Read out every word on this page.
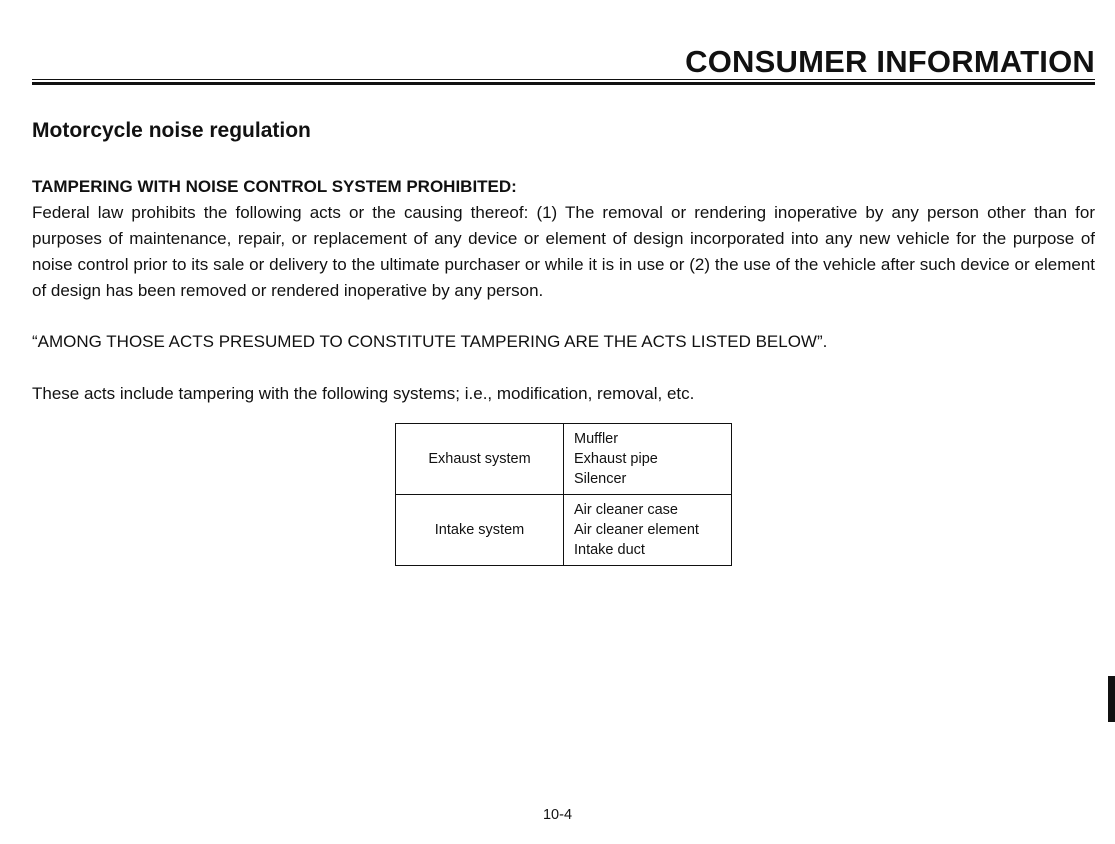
CONSUMER INFORMATION
Motorcycle noise regulation
TAMPERING WITH NOISE CONTROL SYSTEM PROHIBITED:

Federal law prohibits the following acts or the causing thereof: (1) The removal or rendering inoperative by any person other than for purposes of maintenance, repair, or replacement of any device or element of design incorporated into any new vehicle for the purpose of noise control prior to its sale or delivery to the ultimate purchaser or while it is in use or (2) the use of the vehicle after such device or element of design has been removed or rendered inoperative by any person.

“AMONG THOSE ACTS PRESUMED TO CONSTITUTE TAMPERING ARE THE ACTS LISTED BELOW”.
These acts include tampering with the following systems; i.e., modification, removal, etc.
Exhaust system	Muffler
Exhaust pipe
Silencer

Intake system	Air cleaner case
Air cleaner element
Intake duct
10-4
